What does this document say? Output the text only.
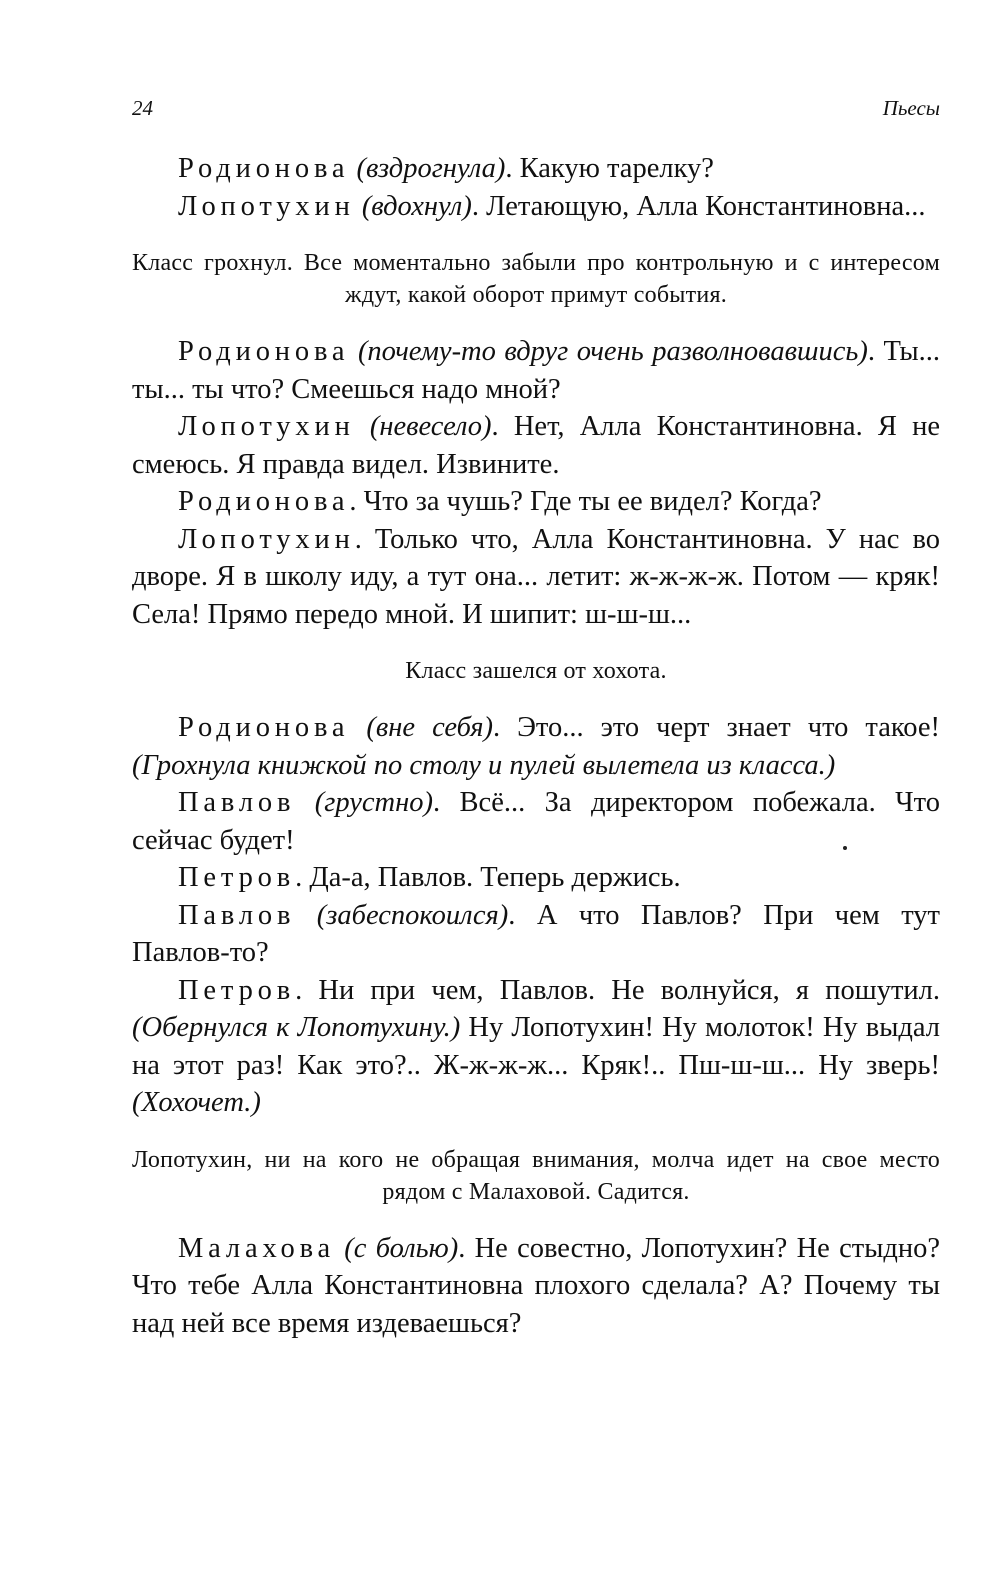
24	Пьесы

Родионова (вздрогнула). Какую тарелку?

Лопотухин (вдохнул). Летающую, Алла Константиновна...

Класс грохнул. Все моментально забыли про контрольную и с интересом ждут, какой оборот примут события.

Родионова (почему-то вдруг очень разволновавшись). Ты... ты... ты что? Смеешься надо мной?

Лопотухин (невесело). Нет, Алла Константиновна. Я не смеюсь. Я правда видел. Извините.

Родионова. Что за чушь? Где ты ее видел? Когда?

Лопотухин. Только что, Алла Константиновна. У нас во дворе. Я в школу иду, а тут она... летит: ж-ж-ж-ж. Потом — кряк! Села! Прямо передо мной. И шипит: ш-ш-ш...

Класс зашелся от хохота.

Родионова (вне себя). Это... это черт знает что такое! (Грохнула книжкой по столу и пулей вылетела из класса.)

Павлов (грустно). Всё... За директором побежала. Что сейчас будет!

Петров. Да-а, Павлов. Теперь держись.

Павлов (забеспокоился). А что Павлов? При чем тут Павлов-то?

Петров. Ни при чем, Павлов. Не волнуйся, я пошутил. (Обернулся к Лопотухину.) Ну Лопотухин! Ну молоток! Ну выдал на этот раз! Как это?.. Ж-ж-ж-ж... Кряк!.. Пш-ш-ш... Ну зверь! (Хохочет.)

Лопотухин, ни на кого не обращая внимания, молча идет на свое место рядом с Малаховой. Садится.

Малахова (с болью). Не совестно, Лопотухин? Не стыдно? Что тебе Алла Константиновна плохого сделала? А? Почему ты над ней все время издеваешься?
